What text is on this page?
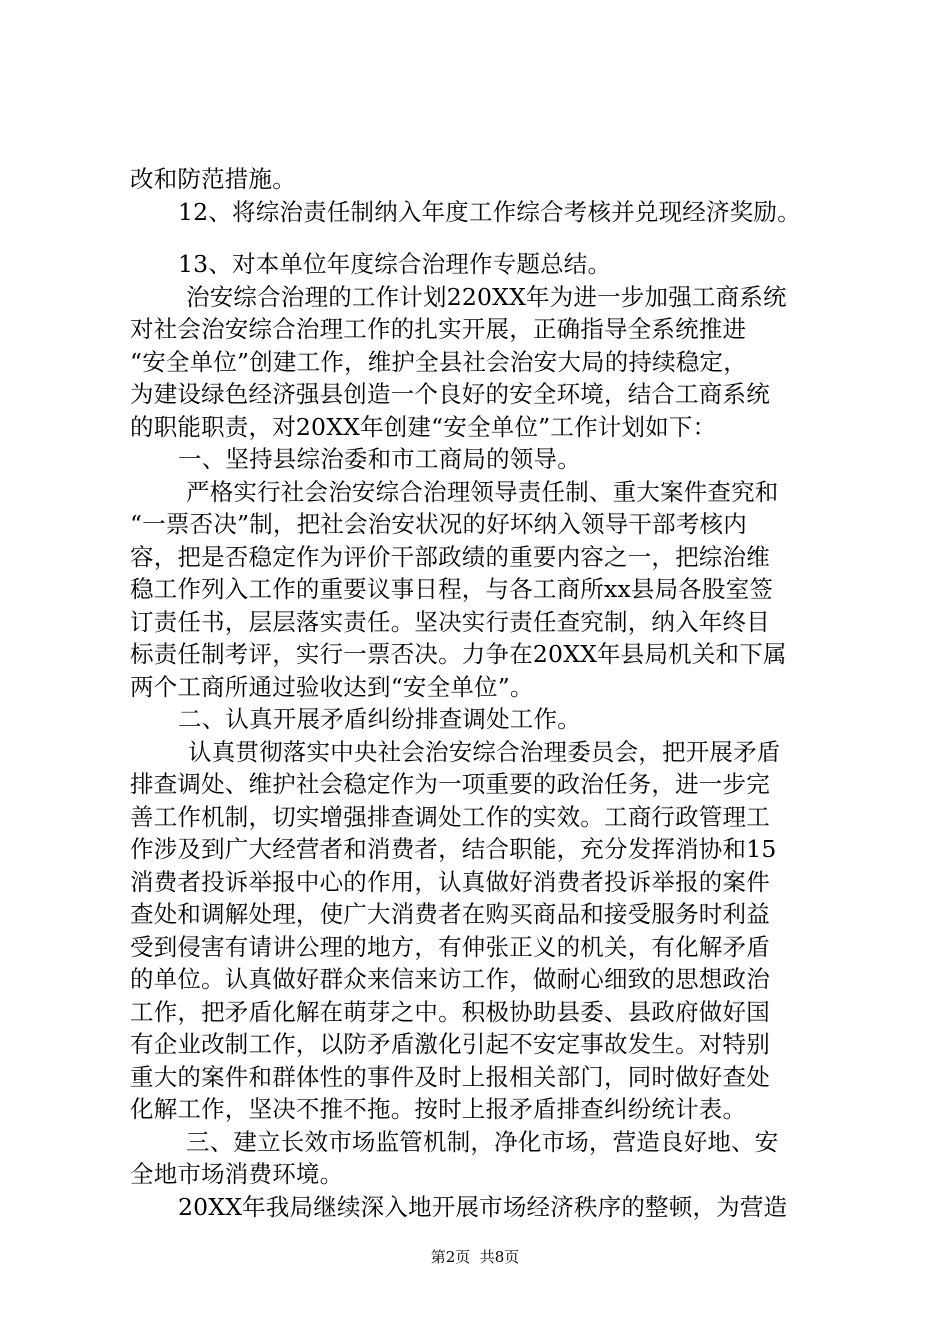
改和防范措施。
12、将综治责任制纳入年度工作综合考核并兑现经济奖励。
13、对本单位年度综合治理作专题总结。
治安综合治理的工作计划220XX年为进一步加强工商系统
对社会治安综合治理工作的扎实开展，正确指导全系统推进
“安全单位”创建工作，维护全县社会治安大局的持续稳定，
为建设绿色经济强县创造一个良好的安全环境，结合工商系统
的职能职责，对20XX年创建“安全单位”工作计划如下：
一、坚持县综治委和市工商局的领导。
严格实行社会治安综合治理领导责任制、重大案件查究和
“一票否决”制，把社会治安状况的好坏纳入领导干部考核内
容，把是否稳定作为评价干部政绩的重要内容之一，把综治维
稳工作列入工作的重要议事日程，与各工商所xx县局各股室签
订责任书，层层落实责任。坚决实行责任查究制，纳入年终目
标责任制考评，实行一票否决。力争在20XX年县局机关和下属
两个工商所通过验收达到“安全单位”。
二、认真开展矛盾纠纷排查调处工作。
认真贯彻落实中央社会治安综合治理委员会，把开展矛盾
排查调处、维护社会稳定作为一项重要的政治任务，进一步完
善工作机制，切实增强排查调处工作的实效。工商行政管理工
作涉及到广大经营者和消费者，结合职能，充分发挥消协和15
消费者投诉举报中心的作用，认真做好消费者投诉举报的案件
查处和调解处理，使广大消费者在购买商品和接受服务时利益
受到侵害有请讲公理的地方，有伸张正义的机关，有化解矛盾
的单位。认真做好群众来信来访工作，做耐心细致的思想政治
工作，把矛盾化解在萌芽之中。积极协助县委、县政府做好国
有企业改制工作，以防矛盾激化引起不安定事故发生。对特别
重大的案件和群体性的事件及时上报相关部门，同时做好查处
化解工作，坚决不推不拖。按时上报矛盾排查纠纷统计表。
三、建立长效市场监管机制，净化市场，营造良好地、安
全地市场消费环境。
20XX年我局继续深入地开展市场经济秩序的整顿，为营造
第2页  共8页
